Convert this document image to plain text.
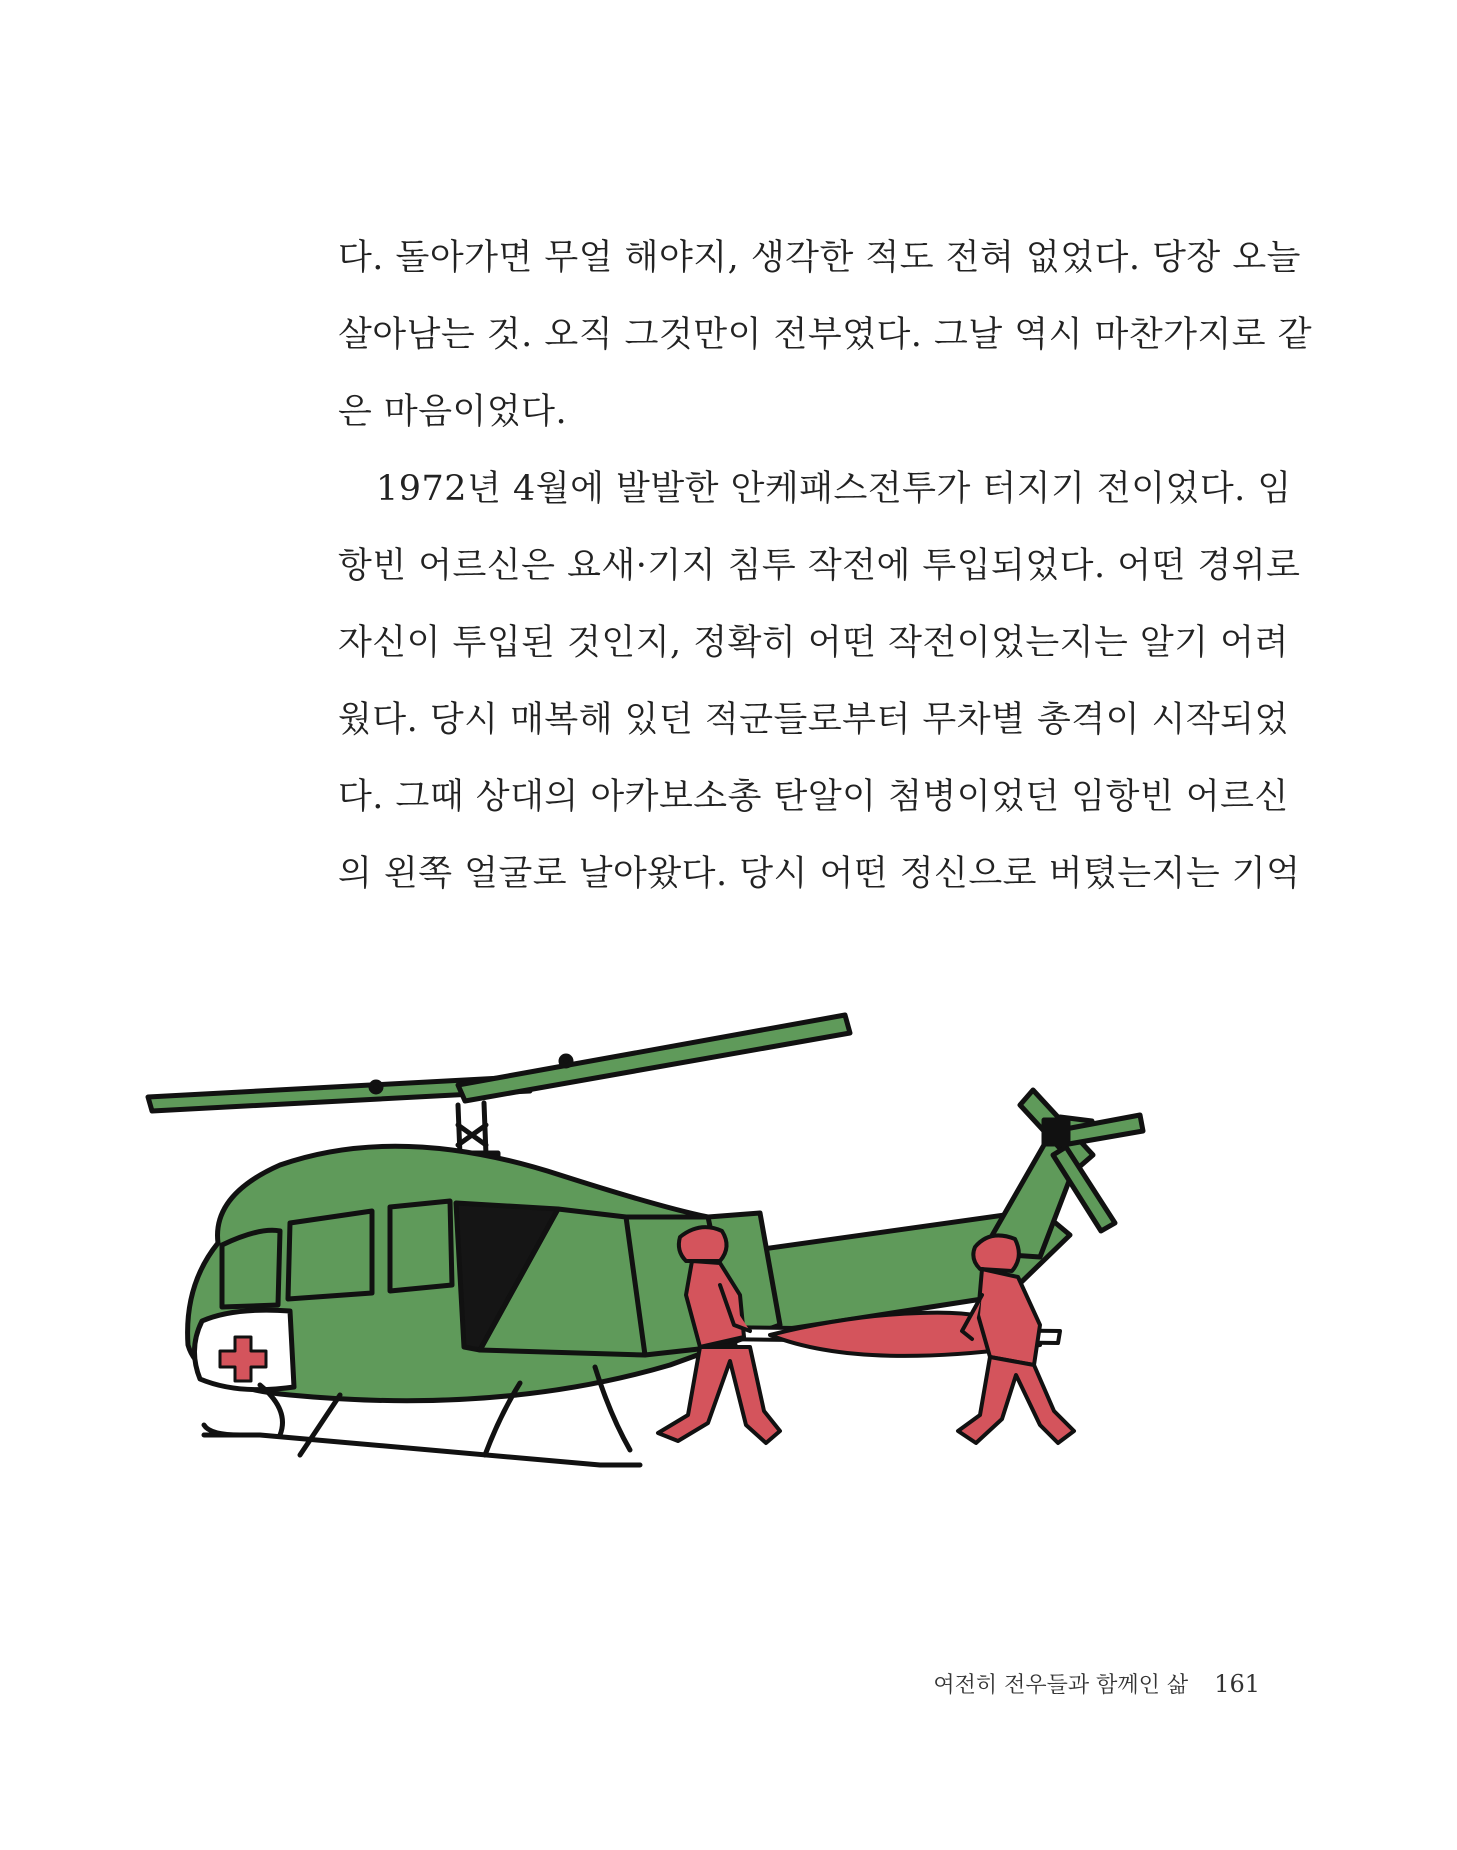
다. 돌아가면 무얼 해야지, 생각한 적도 전혀 없었다. 당장 오늘
살아남는 것. 오직 그것만이 전부였다. 그날 역시 마찬가지로 같
은 마음이었다.
1972년 4월에 발발한 안케패스전투가 터지기 전이었다. 임
항빈 어르신은 요새·기지 침투 작전에 투입되었다. 어떤 경위로
자신이 투입된 것인지, 정확히 어떤 작전이었는지는 알기 어려
웠다. 당시 매복해 있던 적군들로부터 무차별 총격이 시작되었
다. 그때 상대의 아카보소총 탄알이 첨병이었던 임항빈 어르신
의 왼쪽 얼굴로 날아왔다. 당시 어떤 정신으로 버텼는지는 기억
여전히 전우들과 함께인 삶 161
